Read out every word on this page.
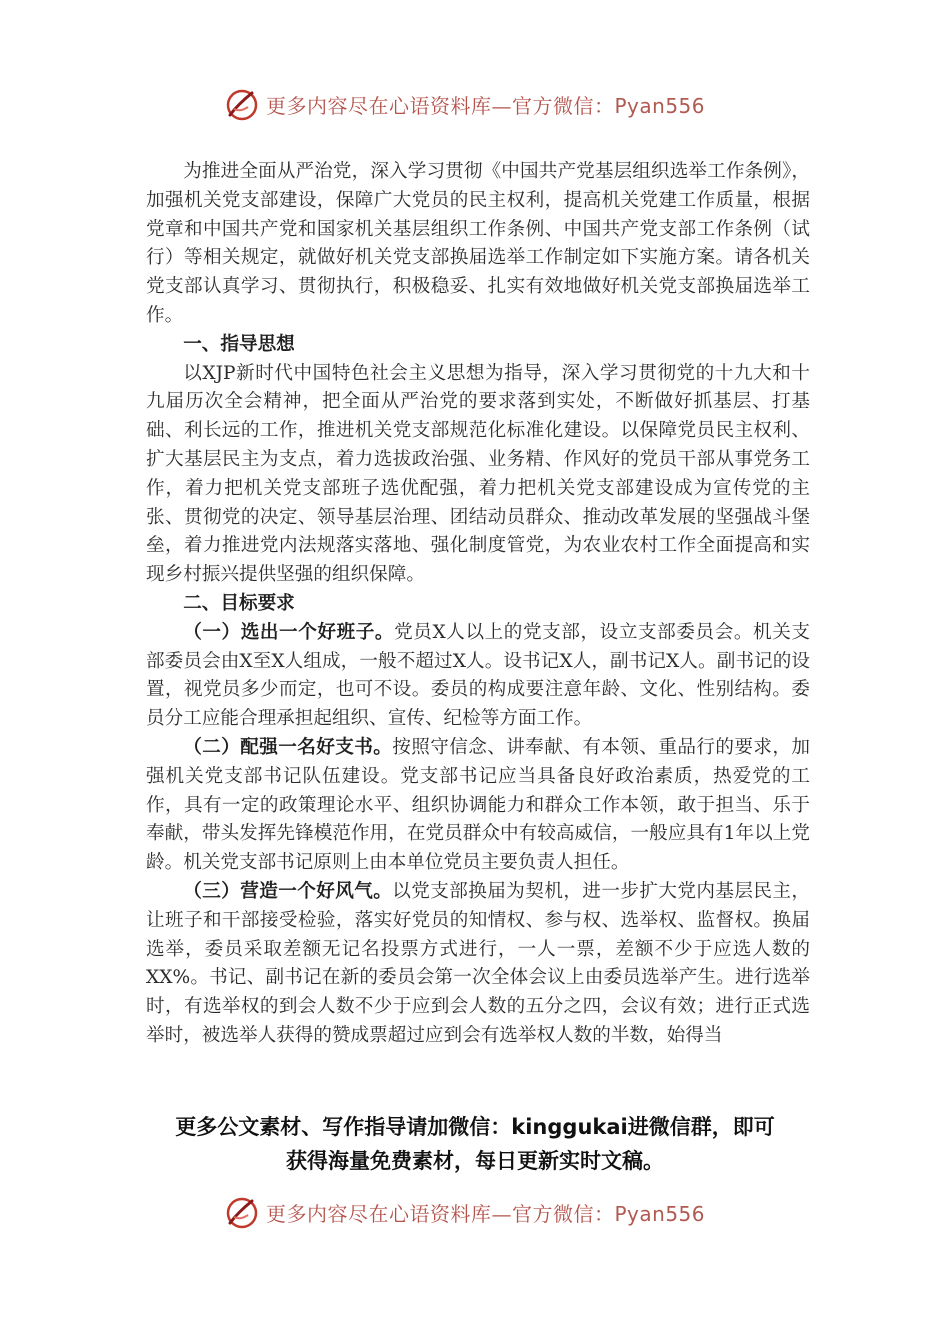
更多内容尽在心语资料库—官方微信：Pyan556

为推进全面从严治党，深入学习贯彻《中国共产党基层组织选举工作条例》，加强机关党支部建设，保障广大党员的民主权利，提高机关党建工作质量，根据党章和中国共产党和国家机关基层组织工作条例、中国共产党支部工作条例（试行）等相关规定，就做好机关党支部换届选举工作制定如下实施方案。请各机关党支部认真学习、贯彻执行，积极稳妥、扎实有效地做好机关党支部换届选举工作。

一、指导思想

以XJP新时代中国特色社会主义思想为指导，深入学习贯彻党的十九大和十九届历次全会精神，把全面从严治党的要求落到实处，不断做好抓基层、打基础、利长远的工作，推进机关党支部规范化标准化建设。以保障党员民主权利、扩大基层民主为支点，着力选拔政治强、业务精、作风好的党员干部从事党务工作，着力把机关党支部班子选优配强，着力把机关党支部建设成为宣传党的主张、贯彻党的决定、领导基层治理、团结动员群众、推动改革发展的坚强战斗堡垒，着力推进党内法规落实落地、强化制度管党，为农业农村工作全面提高和实现乡村振兴提供坚强的组织保障。

二、目标要求

（一）选出一个好班子。党员X人以上的党支部，设立支部委员会。机关支部委员会由X至X人组成，一般不超过X人。设书记X人，副书记X人。副书记的设置，视党员多少而定，也可不设。委员的构成要注意年龄、文化、性别结构。委员分工应能合理承担起组织、宣传、纪检等方面工作。

（二）配强一名好支书。按照守信念、讲奉献、有本领、重品行的要求，加强机关党支部书记队伍建设。党支部书记应当具备良好政治素质，热爱党的工作，具有一定的政策理论水平、组织协调能力和群众工作本领，敢于担当、乐于奉献，带头发挥先锋模范作用，在党员群众中有较高威信，一般应具有1年以上党龄。机关党支部书记原则上由本单位党员主要负责人担任。

（三）营造一个好风气。以党支部换届为契机，进一步扩大党内基层民主，让班子和干部接受检验，落实好党员的知情权、参与权、选举权、监督权。换届选举，委员采取差额无记名投票方式进行，一人一票，差额不少于应选人数的XX%。书记、副书记在新的委员会第一次全体会议上由委员选举产生。进行选举时，有选举权的到会人数不少于应到会人数的五分之四，会议有效；进行正式选举时，被选举人获得的赞成票超过应到会有选举权人数的半数，始得当

更多公文素材、写作指导请加微信：kinggukai进微信群，即可
获得海量免费素材，每日更新实时文稿。
更多内容尽在心语资料库—官方微信：Pyan556
